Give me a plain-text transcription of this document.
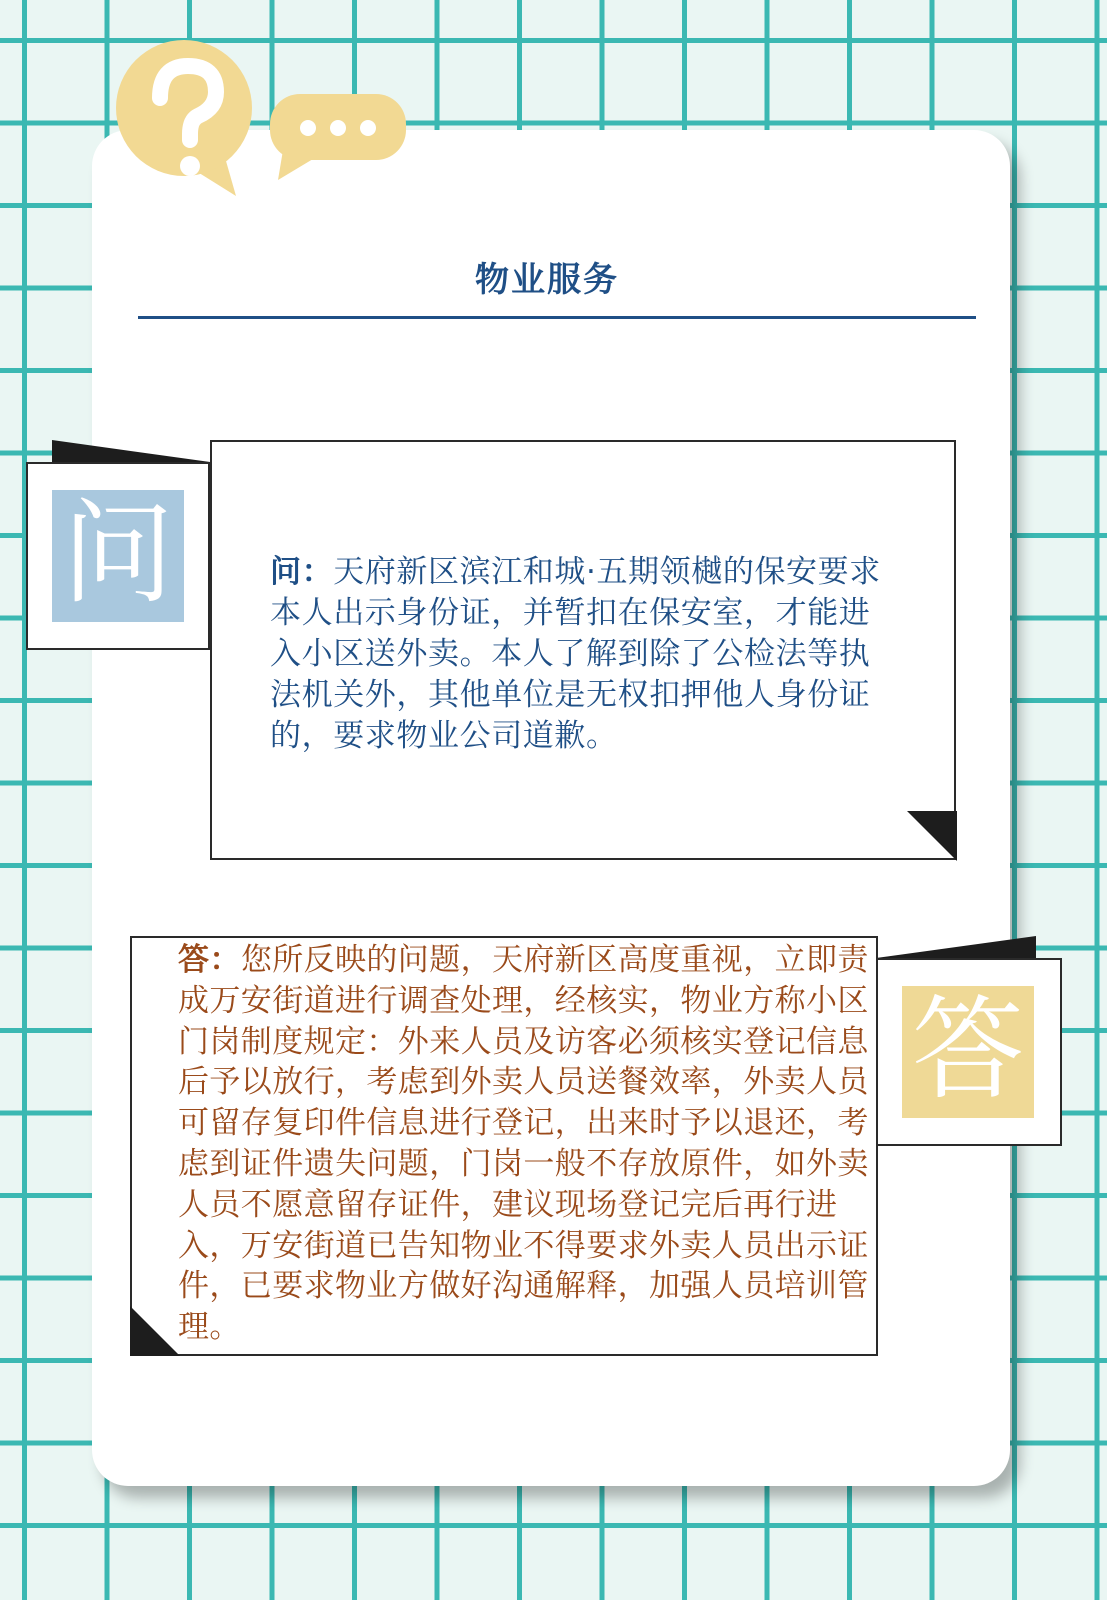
物业服务
问	问：天府新区滨江和城·五期领樾的保安要求本人出示身份证，并暂扣在保安室，才能进入小区送外卖。本人了解到除了公检法等执法机关外，其他单位是无权扣押他人身份证的，要求物业公司道歉。
答
答：您所反映的问题，天府新区高度重视，立即责成万安街道进行调查处理，经核实，物业方称小区门岗制度规定：外来人员及访客必须核实登记信息后予以放行，考虑到外卖人员送餐效率，外卖人员可留存复印件信息进行登记，出来时予以退还，考虑到证件遗失问题，门岗一般不存放原件，如外卖人员不愿意留存证件，建议现场登记完后再行进入，万安街道已告知物业不得要求外卖人员出示证件，已要求物业方做好沟通解释，加强人员培训管理。
